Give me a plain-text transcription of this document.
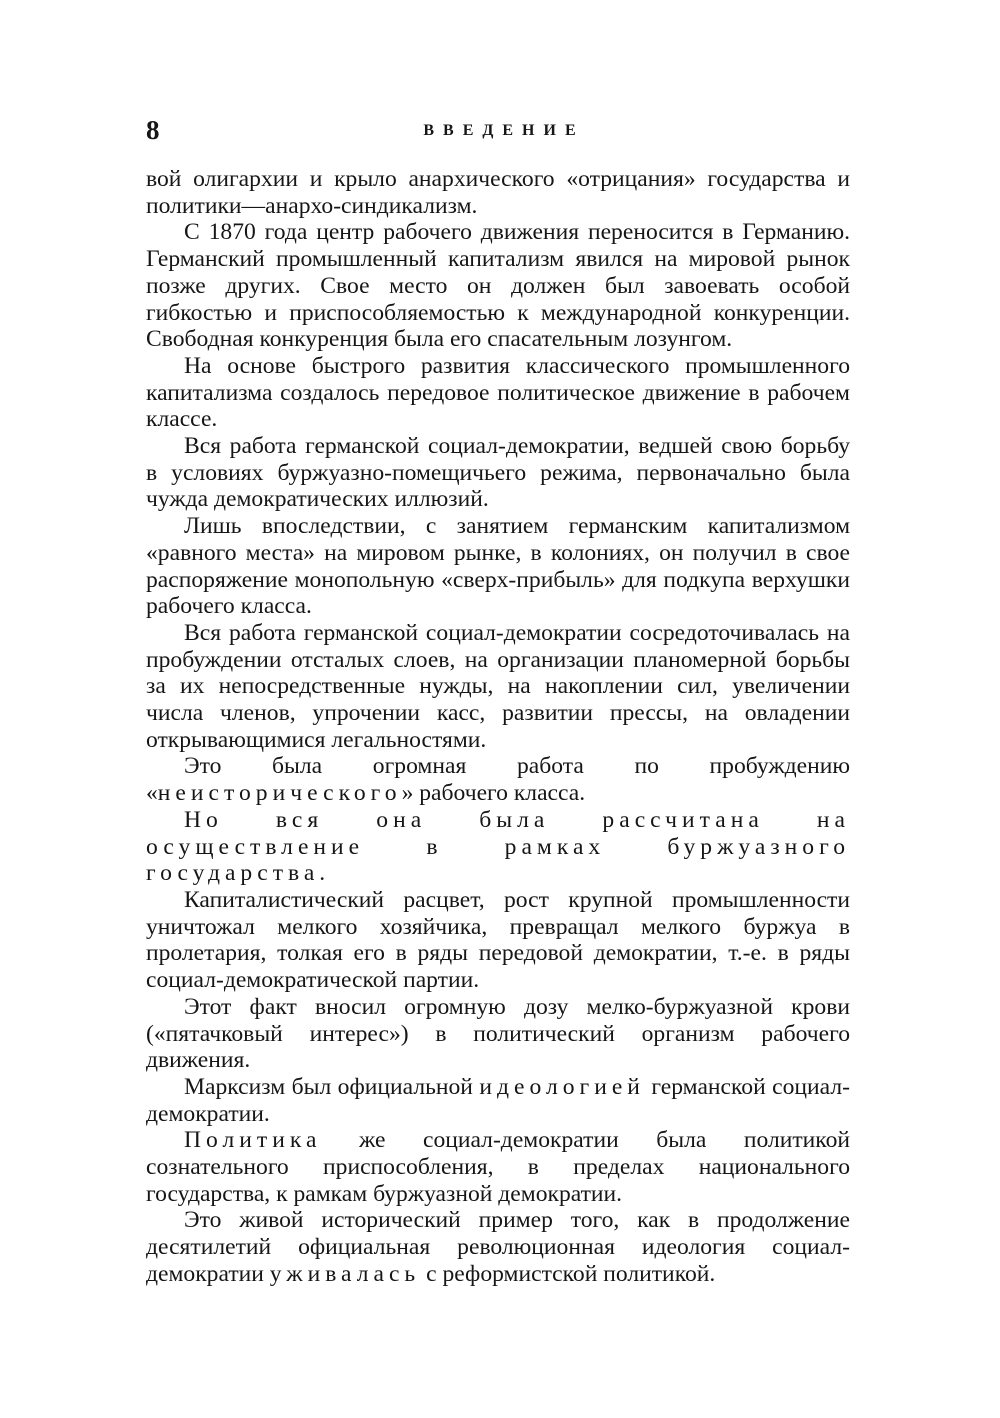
8	ВВЕДЕНИЕ

вой олигархии и крыло анархического «отрицания» государства и политики—анархо-синдикализм.

С 1870 года центр рабочего движения переносится в Германию. Германский промышленный капитализм явился на мировой рынок позже других. Свое место он должен был завоевать особой гибкостью и приспособляемостью к международной конкуренции. Свободная конкуренция была его спасательным лозунгом.

На основе быстрого развития классического промышленного капитализма создалось передовое политическое движение в рабочем классе.

Вся работа германской социал-демократии, ведшей свою борьбу в условиях буржуазно-помещичьего режима, первоначально была чужда демократических иллюзий.

Лишь впоследствии, с занятием германским капитализмом «равного места» на мировом рынке, в колониях, он получил в свое распоряжение монопольную «сверх-прибыль» для подкупа верхушки рабочего класса.

Вся работа германской социал-демократии сосредоточивалась на пробуждении отсталых слоев, на организации планомерной борьбы за их непосредственные нужды, на накоплении сил, увеличении числа членов, упрочении касс, развитии прессы, на овладении открывающимися легальностями.

Это была огромная работа по пробуждению «неисторического» рабочего класса.

Но вся она была рассчитана на осуществление в рамках буржуазного государства.

Капиталистический расцвет, рост крупной промышленности уничтожал мелкого хозяйчика, превращал мелкого буржуа в пролетария, толкая его в ряды передовой демократии, т.-е. в ряды социал-демократической партии.

Этот факт вносил огромную дозу мелко-буржуазной крови («пятачковый интерес») в политический организм рабочего движения.

Марксизм был официальной идеологией германской социал-демократии.

Политика же социал-демократии была политикой сознательного приспособления, в пределах национального государства, к рамкам буржуазной демократии.

Это живой исторический пример того, как в продолжение десятилетий официальная революционная идеология социал-демократии уживалась с реформистской политикой.
